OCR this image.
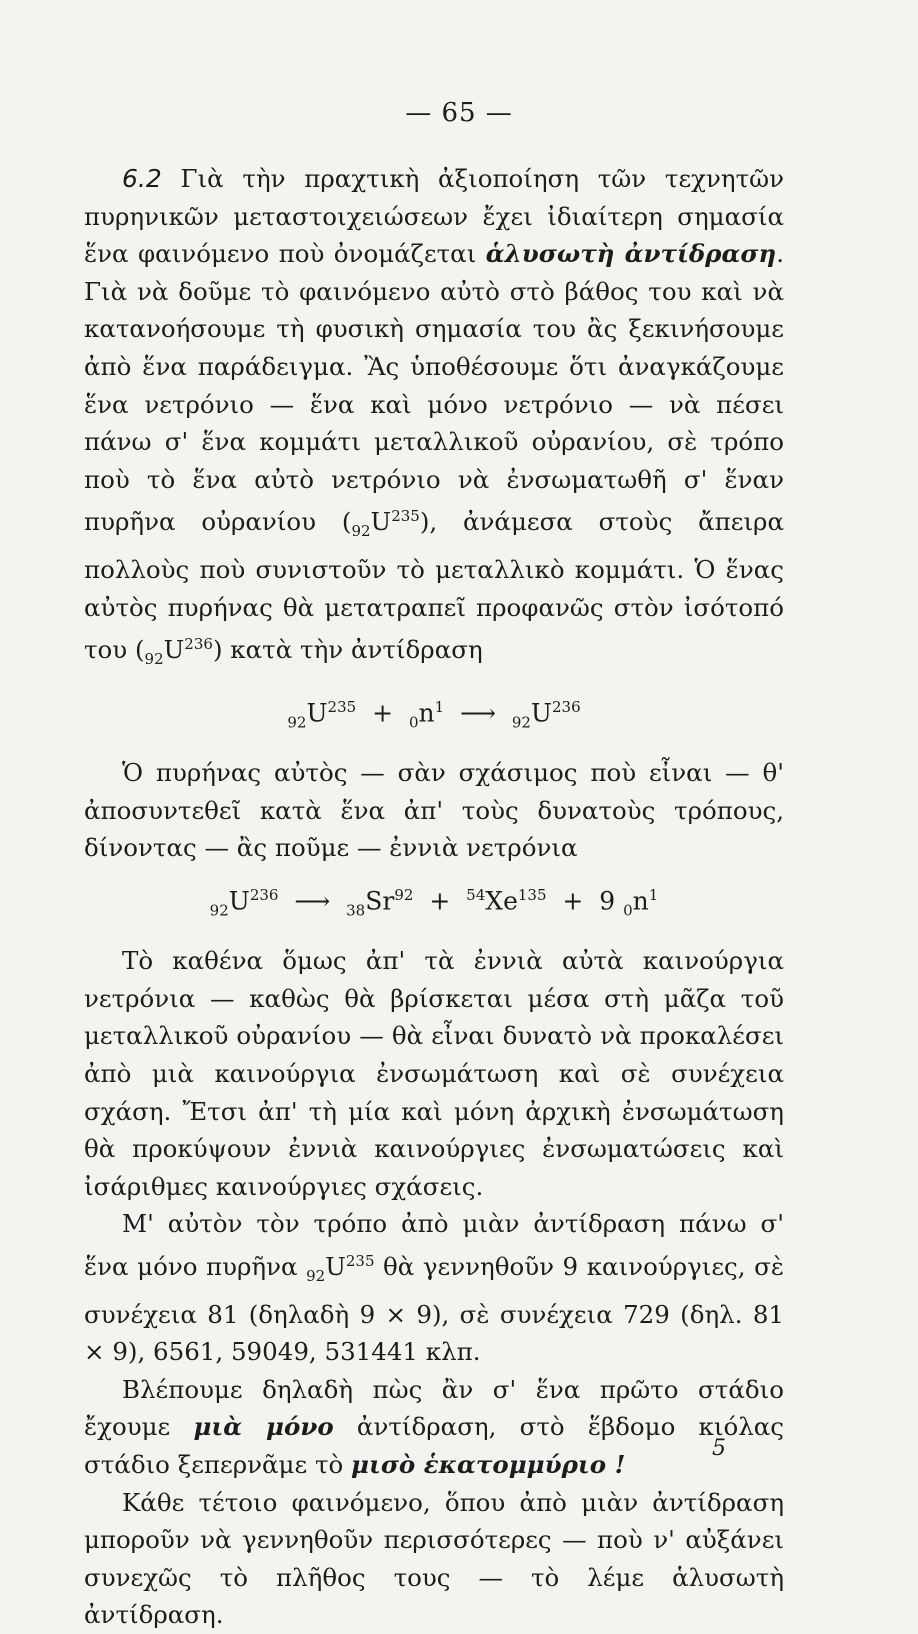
— 65 —

6.2 Γιὰ τὴν πραχτικὴ ἀξιοποίηση τῶν τεχνητῶν πυρηνικῶν μεταστοιχειώσεων ἔχει ἰδιαίτερη σημασία ἕνα φαινόμενο ποὺ ὀνομάζεται ἁλυσωτὴ ἀντίδραση. Γιὰ νὰ δοῦμε τὸ φαινόμενο αὐτὸ στὸ βάθος του καὶ νὰ κατανοήσουμε τὴ φυσικὴ σημασία του ἂς ξεκινήσουμε ἀπὸ ἕνα παράδειγμα. Ἂς ὑποθέσουμε ὅτι ἀναγκάζουμε ἕνα νετρόνιο — ἕνα καὶ μόνο νετρόνιο — νὰ πέσει πάνω σ' ἕνα κομμάτι μεταλλικοῦ οὐρανίου, σὲ τρόπο ποὺ τὸ ἕνα αὐτὸ νετρόνιο νὰ ἐνσωματωθῆ σ' ἕναν πυρῆνα οὐρανίου $(_{92}U^{235})$, ἀνάμεσα στοὺς ἄπειρα πολλοὺς ποὺ συνιστοῦν τὸ μεταλλικὸ κομμάτι. Ὁ ἕνας αὐτὸς πυρήνας θὰ μετατραπεῖ προφανῶς στὸν ἰσότοπό του $(_{92}U^{236})$ κατὰ τὴν ἀντίδραση

$_{92}U^{235} + _0n^1$ ⟶ $_{92}U^{236}$

Ὁ πυρήνας αὐτὸς — σὰν σχάσιμος ποὺ εἶναι — θ' ἀποσυντεθεῖ κατὰ ἕνα ἀπ' τοὺς δυνατοὺς τρόπους, δίνοντας — ἂς ποῦμε — ἐννιὰ νετρόνια

$_{92}U^{236}$ ⟶ $_{38}Sr^{92} + ^{54}Xe^{135} + 9$ $_0n^1$

Τὸ καθένα ὅμως ἀπ' τὰ ἐννιὰ αὐτὰ καινούργια νετρόνια — καθὼς θὰ βρίσκεται μέσα στὴ μᾶζα τοῦ μεταλλικοῦ οὐρανίου — θὰ εἶναι δυνατὸ νὰ προκαλέσει ἀπὸ μιὰ καινούργια ἐνσωμάτωση καὶ σὲ συνέχεια σχάση. Ἔτσι ἀπ' τὴ μία καὶ μόνη ἀρχικὴ ἐνσωμάτωση θὰ προκύψουν ἐννιὰ καινούργιες ἐνσωματώσεις καὶ ἰσάριθμες καινούργιες σχάσεις.

Μ' αὐτὸν τὸν τρόπο ἀπὸ μιὰν ἀντίδραση πάνω σ' ἕνα μόνο πυρῆνα $_{92}U^{235}$ θὰ γεννηθοῦν 9 καινούργιες, σὲ συνέχεια 81 (δηλαδὴ 9 × 9), σὲ συνέχεια 729 (δηλ. 81 × 9), 6561, 59049, 531441 κλπ.

Βλέπουμε δηλαδὴ πὼς ἂν σ' ἕνα πρῶτο στάδιο ἔχουμε μιὰ μόνο ἀντίδραση, στὸ ἕβδομο κιόλας στάδιο ξεπερνᾶμε τὸ μισὸ ἑκατομμύριο !

Κάθε τέτοιο φαινόμενο, ὅπου ἀπὸ μιὰν ἀντίδραση μποροῦν νὰ γεννηθοῦν περισσότερες — ποὺ ν' αὐξάνει συνεχῶς τὸ πλῆθος τους — τὸ λέμε ἁλυσωτὴ ἀντίδραση.

5
